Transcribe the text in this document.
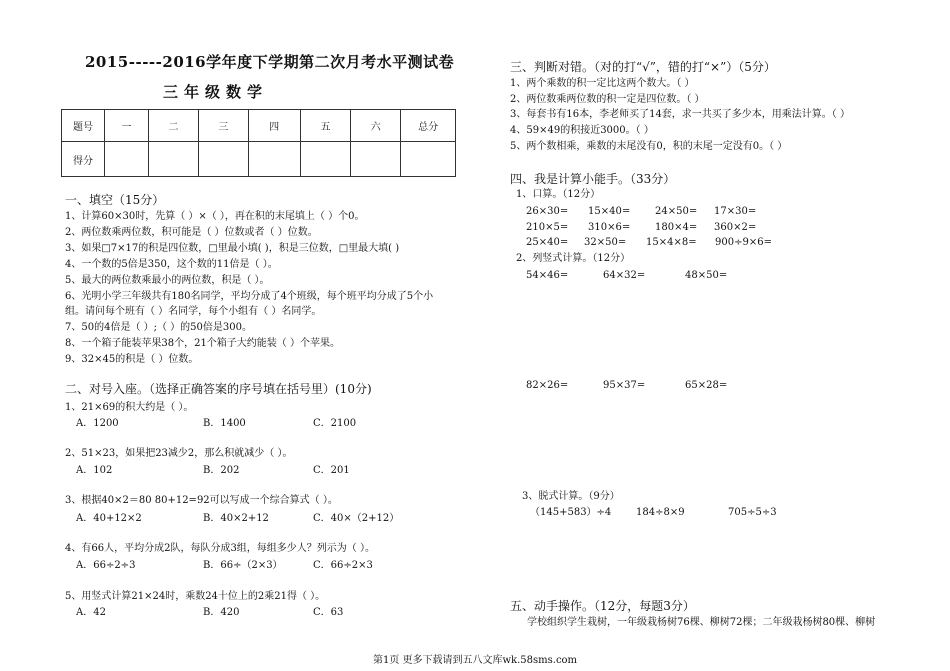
2015-----2016学年度下学期第二次月考水平测试卷
三年级数学
题号	一	二	三	四	五	六	总分
得分							
一、填空（15分）
1、计算60×30时，先算（ ）×（ ），再在积的末尾填上（ ）个0。
2、两位数乘两位数，积可能是（ ）位数或者（ ）位数。
3、如果□7×17的积是四位数，□里最小填( )，积是三位数，□里最大填( )
4、一个数的5倍是350，这个数的11倍是（ ）。
5、最大的两位数乘最小的两位数，积是（ ）。
6、光明小学三年级共有180名同学，平均分成了4个班级，每个班平均分成了5个小
组。请问每个班有（ ）名同学，每个小组有（ ）名同学。
7、50的4倍是（ ）;（ ）的50倍是300。
8、一个箱子能装苹果38个，21个箱子大约能装（ ）个苹果。
9、32×45的积是（ ）位数。
二、对号入座。（选择正确答案的序号填在括号里）(10分)
1、21×69的积大约是（ ）。
A．1200	B．1400	C．2100
2、51×23，如果把23减少2，那么积就减少（ ）。
A．102	B．202	C．201
3、根据40×2＝80 80+12=92可以写成一个综合算式（ ）。
A．40+12×2	B．40×2+12	C．40×（2+12）
4、有66人，平均分成2队，每队分成3组，每组多少人？列示为（ ）。
A．66÷2÷3	B．66÷（2×3）	C．66÷2×3
5、用竖式计算21×24时，乘数24十位上的2乘21得（ ）。
A．42	B．420	C．63
三、判断对错。（对的打“√”，错的打“×”）（5分）
1、两个乘数的积一定比这两个数大。（ ）
2、两位数乘两位数的积一定是四位数。（ ）
3、每套书有16本，李老师买了14套，求一共买了多少本，用乘法计算。（ ）
4、59×49的积接近3000。（ ）
5、两个数相乘，乘数的末尾没有0，积的末尾一定没有0。（ ）
四、我是计算小能手。（33分）
1、口算。（12分）
26×30= 15×40= 24×50= 17×30=
210×5= 310×6= 180×4= 360×2=
25×40= 32×50= 15×4×8= 900÷9×6=
2、列竖式计算。（12分）
54×46=	64×32=	48×50=
82×26=	95×37=	65×28=
3、脱式计算。（9分）
（145+583）÷4 184÷8×9	705÷5÷3
五、动手操作。（12分，每题3分）
学校组织学生栽树，一年级栽杨树76棵、柳树72棵；二年级栽杨树80棵、柳树
第1页 更多下载请到五八文库wk.58sms.com
